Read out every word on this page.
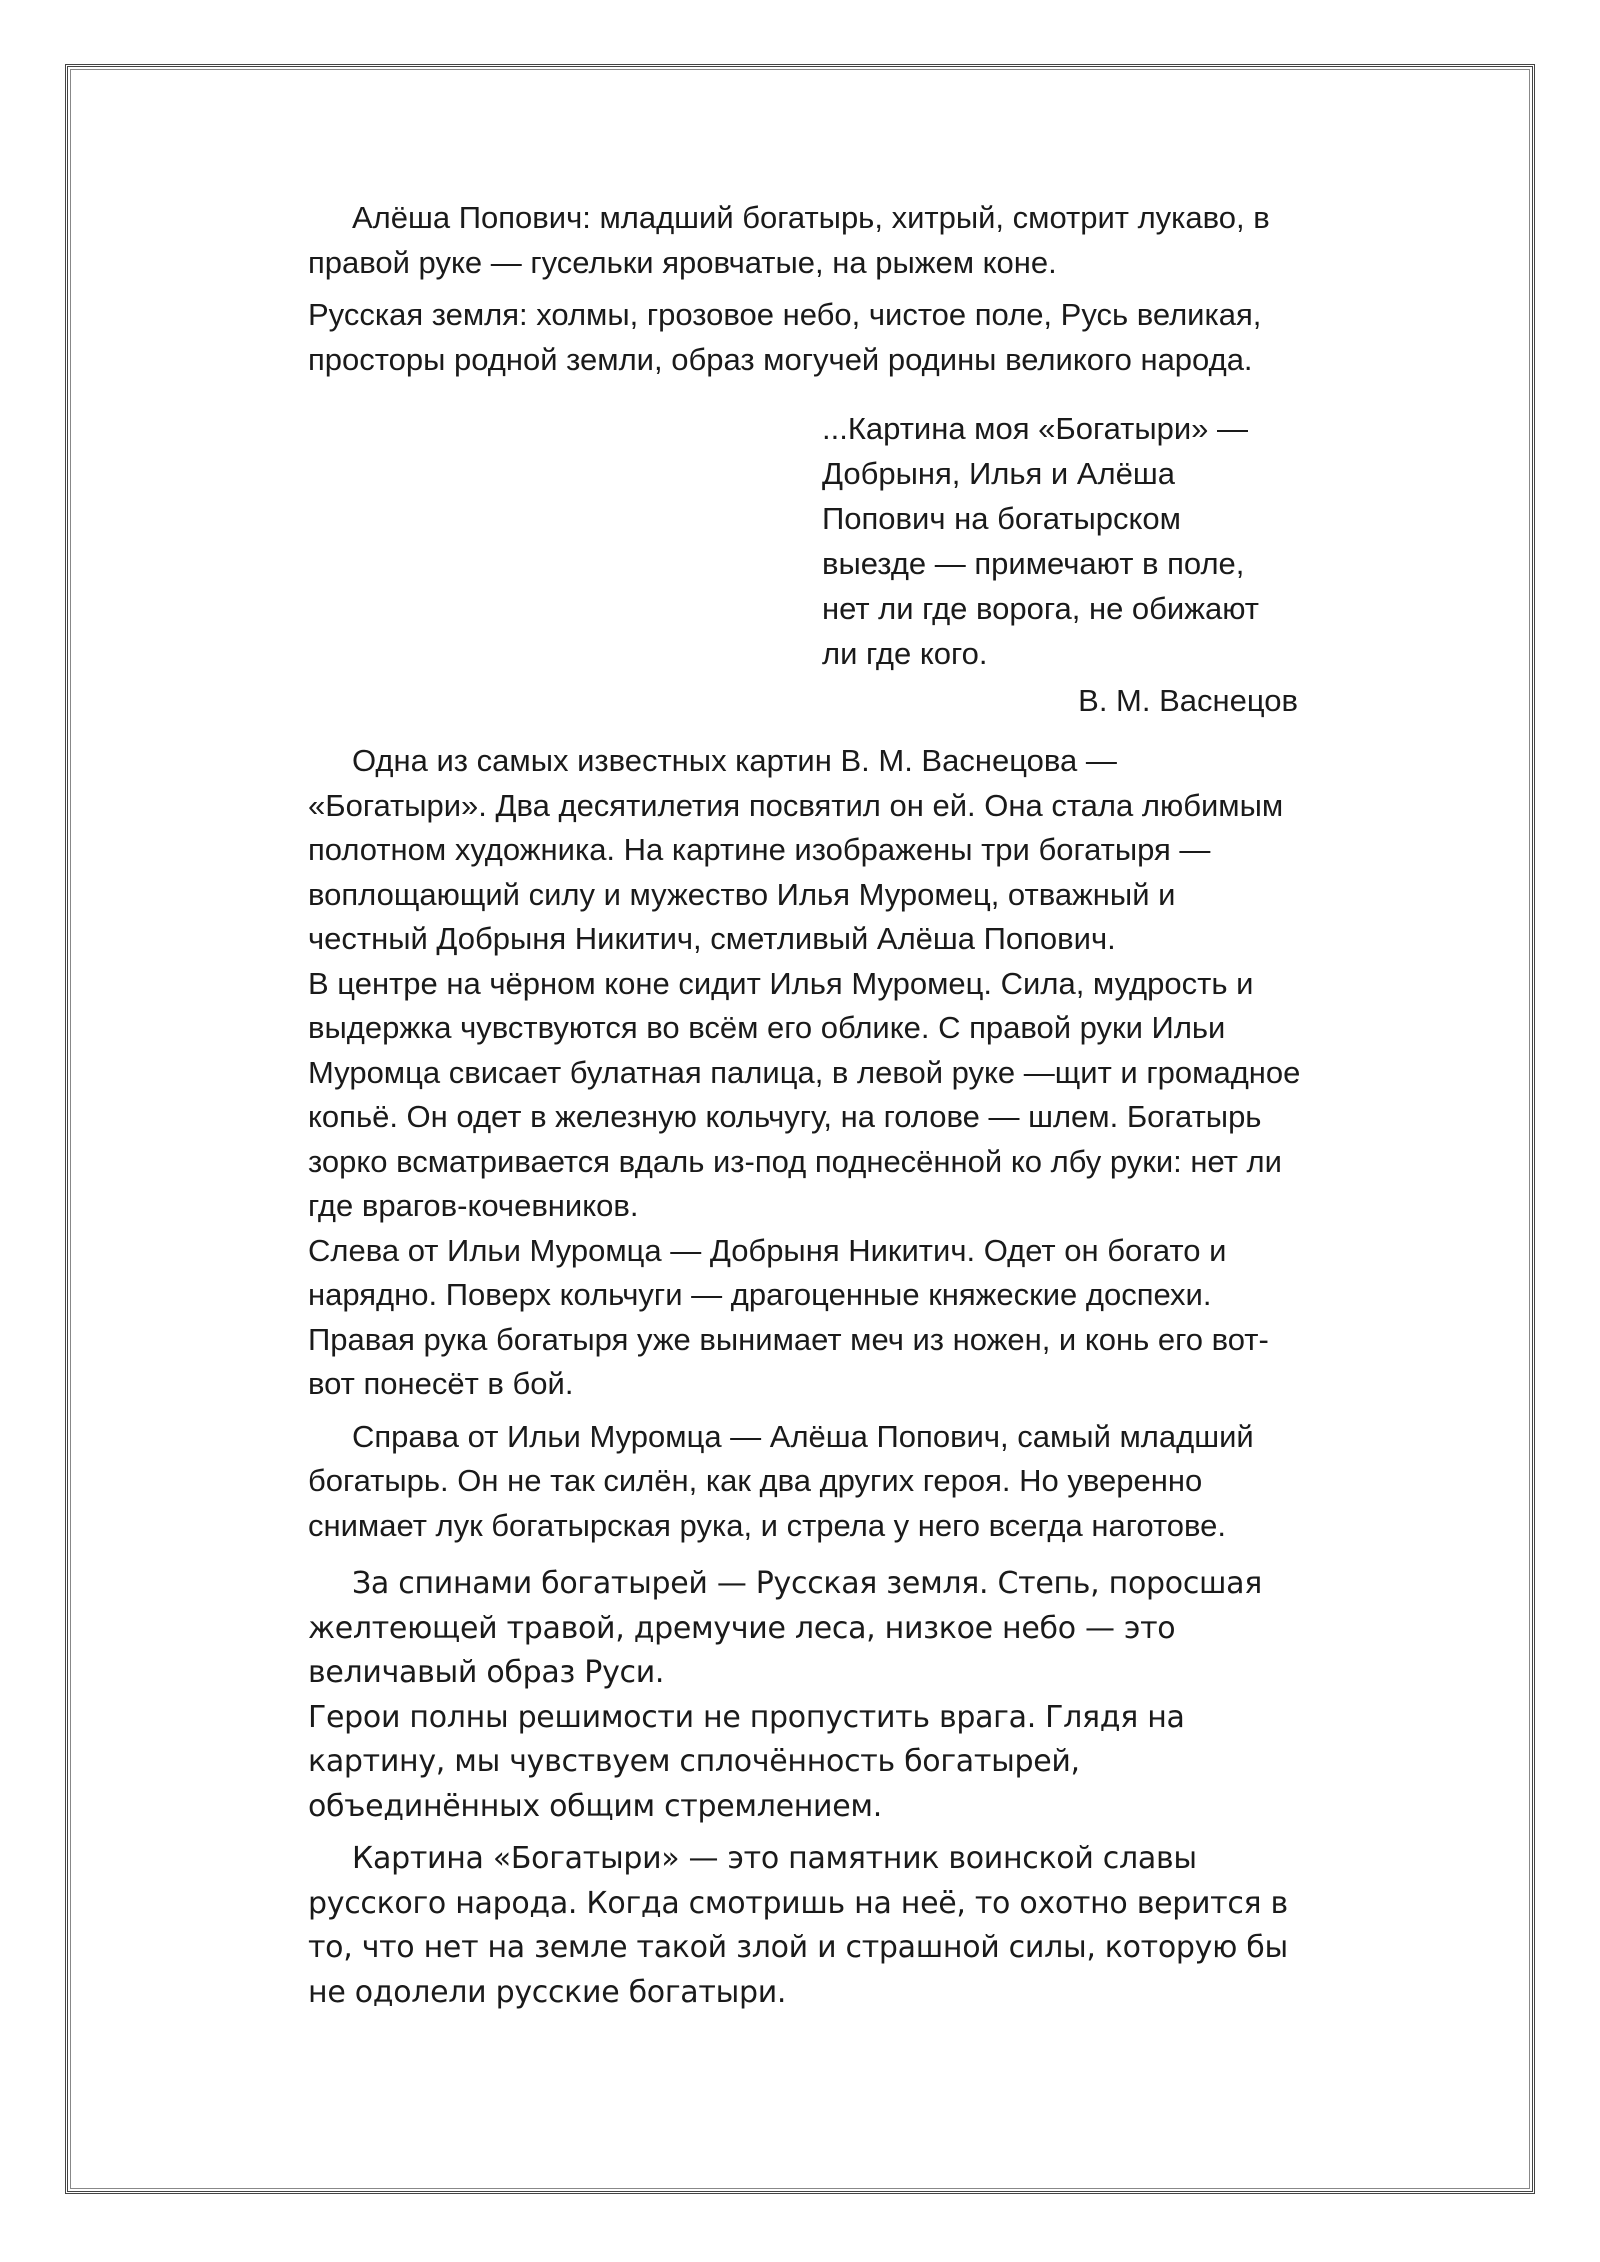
Алёша Попович: младший богатырь, хитрый, смотрит лукаво, в правой руке — гусельки яровчатые, на рыжем коне.

Русская земля: холмы, грозовое небо, чистое поле, Русь великая, просторы родной земли, образ могучей родины великого народа.

...Картина моя «Богатыри» — Добрыня, Илья и Алёша Попович на богатырском выезде — примечают в поле, нет ли где ворога, не обижают ли где кого.

В. М. Васнецов

Одна из самых известных картин В. М. Васнецова — «Богатыри». Два десятилетия посвятил он ей. Она стала любимым полотном художника. На картине изображены три богатыря — воплощающий силу и мужество Илья Муромец, отважный и честный Добрыня Никитич, сметливый Алёша Попович.

В центре на чёрном коне сидит Илья Муромец. Сила, мудрость и выдержка чувствуются во всём его облике. С правой руки Ильи Муромца свисает булатная палица, в левой руке —щит и громадное копьё. Он одет в железную кольчугу, на голове — шлем. Богатырь зорко всматривается вдаль из-под поднесённой ко лбу руки: нет ли где врагов-кочевников.

Слева от Ильи Муромца — Добрыня Никитич. Одет он богато и нарядно. Поверх кольчуги — драгоценные княжеские доспехи. Правая рука богатыря уже вынимает меч из ножен, и конь его вот-вот понесёт в бой.

Справа от Ильи Муромца — Алёша Попович, самый младший богатырь. Он не так силён, как два других героя. Но уверенно снимает лук богатырская рука, и стрела у него всегда наготове.

За спинами богатырей — Русская земля. Степь, поросшая желтеющей травой, дремучие леса, низкое небо — это величавый образ Руси.

Герои полны решимости не пропустить врага. Глядя на картину, мы чувствуем сплочённость богатырей, объединённых общим стремлением.

Картина «Богатыри» — это памятник воинской славы русского народа. Когда смотришь на неё, то охотно верится в то, что нет на земле такой злой и страшной силы, которую бы не одолели русские богатыри.
